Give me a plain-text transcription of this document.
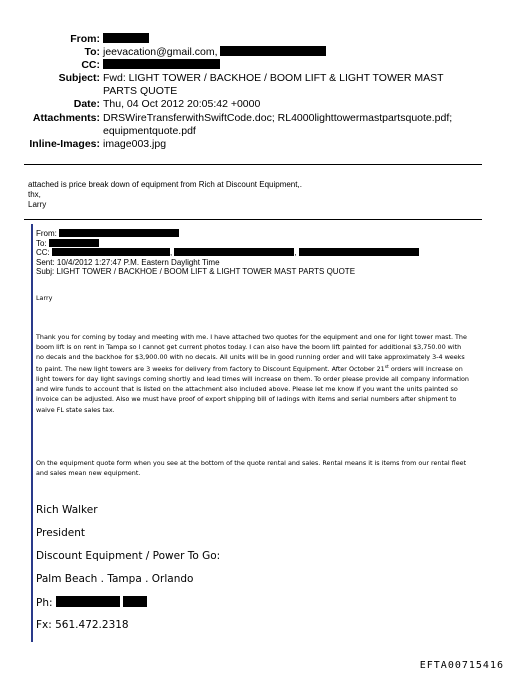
From:
To: jeevacation@gmail.com,
CC:
Subject: Fwd: LIGHT TOWER / BACKHOE / BOOM LIFT & LIGHT TOWER MAST PARTS QUOTE
Date: Thu, 04 Oct 2012 20:05:42 +0000
Attachments: DRSWireTransferwithSwiftCode.doc; RL4000lighttowermastpartsquote.pdf; equipmentquote.pdf
Inline-Images: image003.jpg
attached is price break down of equipment from Rich at Discount Equipment,.
thx,
Larry
From:
To:
CC:	,	,
Sent: 10/4/2012 1:27:47 P.M. Eastern Daylight Time
Subj: LIGHT TOWER / BACKHOE / BOOM LIFT & LIGHT TOWER MAST PARTS QUOTE
Larry
Thank you for coming by today and meeting with me. I have attached two quotes for the equipment and one for light tower mast. The
boom lift is on rent in Tampa so I cannot get current photos today. I can also have the boom lift painted for additional $3,750.00 with
no decals and the backhoe for $3,900.00 with no decals. All units will be in good running order and will take approximately 3-4 weeks
to paint. The new light towers are 3 weeks for delivery from factory to Discount Equipment. After October 21st orders will increase on
light towers for day light savings coming shortly and lead times will increase on them. To order please provide all company information
and wire funds to account that is listed on the attachment also included above. Please let me know if you want the units painted so
invoice can be adjusted. Also we must have proof of export shipping bill of ladings with items and serial numbers after shipment to
waive FL state sales tax.
On the equipment quote form when you see at the bottom of the quote rental and sales. Rental means it is items from our rental fleet
and sales mean new equipment.
Rich Walker
President
Discount Equipment / Power To Go:
Palm Beach . Tampa . Orlando
Ph:
Fx: 561.472.2318
EFTA00715416
